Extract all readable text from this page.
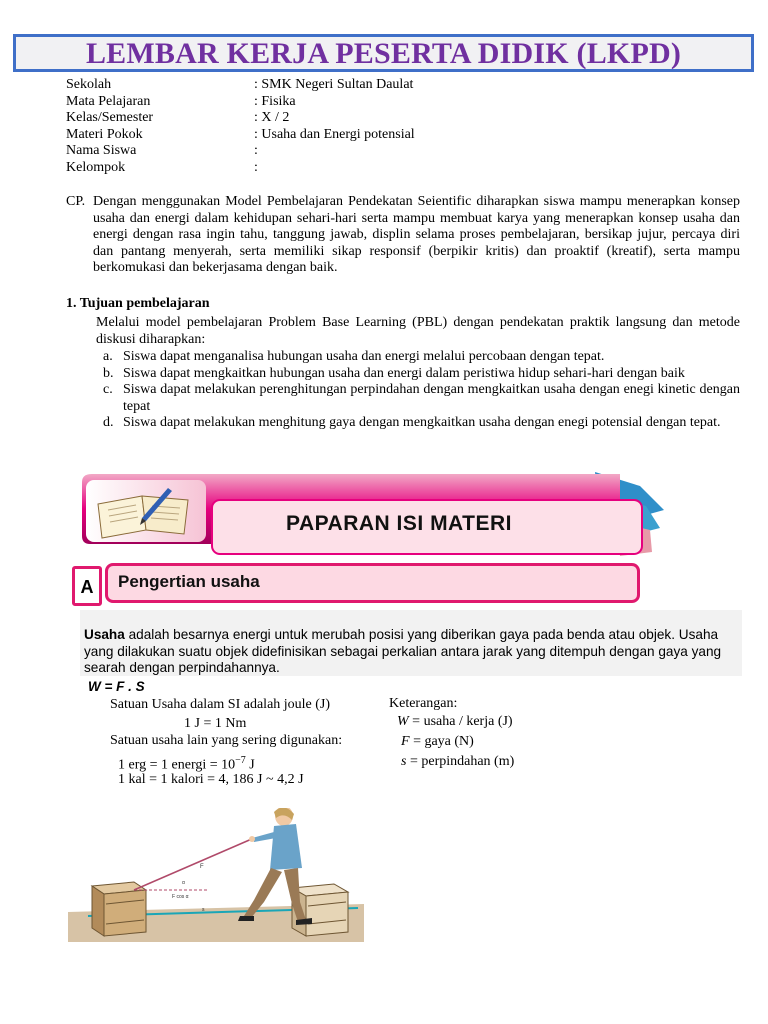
LEMBAR KERJA PESERTA DIDIK (LKPD)
Sekolah	: SMK Negeri Sultan Daulat
Mata Pelajaran	: Fisika
Kelas/Semester	: X / 2
Materi Pokok	: Usaha dan Energi potensial
Nama Siswa	:
Kelompok	:
CP. Dengan menggunakan Model Pembelajaran Pendekatan Seientific diharapkan siswa mampu menerapkan konsep usaha dan energi dalam kehidupan sehari-hari serta mampu membuat karya yang menerapkan konsep usaha dan energi dengan rasa ingin tahu, tanggung jawab, displin selama proses pembelajaran, bersikap jujur, percaya diri dan pantang menyerah, serta memiliki sikap responsif (berpikir kritis) dan proaktif (kreatif), serta mampu berkomukasi dan bekerjasama dengan baik.
1. Tujuan pembelajaran
Melalui model pembelajaran Problem Base Learning (PBL) dengan pendekatan praktik langsung dan metode diskusi diharapkan:
a. Siswa dapat menganalisa hubungan usaha dan energi melalui percobaan dengan tepat.
b. Siswa dapat mengkaitkan hubungan usaha dan energi dalam peristiwa hidup sehari-hari dengan baik
c. Siswa dapat melakukan perenghitungan perpindahan dengan mengkaitkan usaha dengan enegi kinetic dengan tepat
d. Siswa dapat melakukan menghitung gaya dengan mengkaitkan usaha dengan enegi potensial dengan tepat.
PAPARAN ISI MATERI
A	Pengertian usaha
Usaha adalah besarnya energi untuk merubah posisi yang diberikan gaya pada benda atau objek. Usaha yang dilakukan suatu objek didefinisikan sebagai perkalian antara jarak yang ditempuh dengan gaya yang searah dengan perpindahannya.
W = F . S
Satuan Usaha dalam SI adalah joule (J)
1 J = 1 Nm
Satuan usaha lain yang sering digunakan:
1 erg = 1 energi = $10^{-7}$ J
1 kal = 1 kalori = 4, 186 J ~ 4,2 J
Keterangan:
W = usaha / kerja (J)
F = gaya (N)
s = perpindahan (m)
F
α
F cos α
s
